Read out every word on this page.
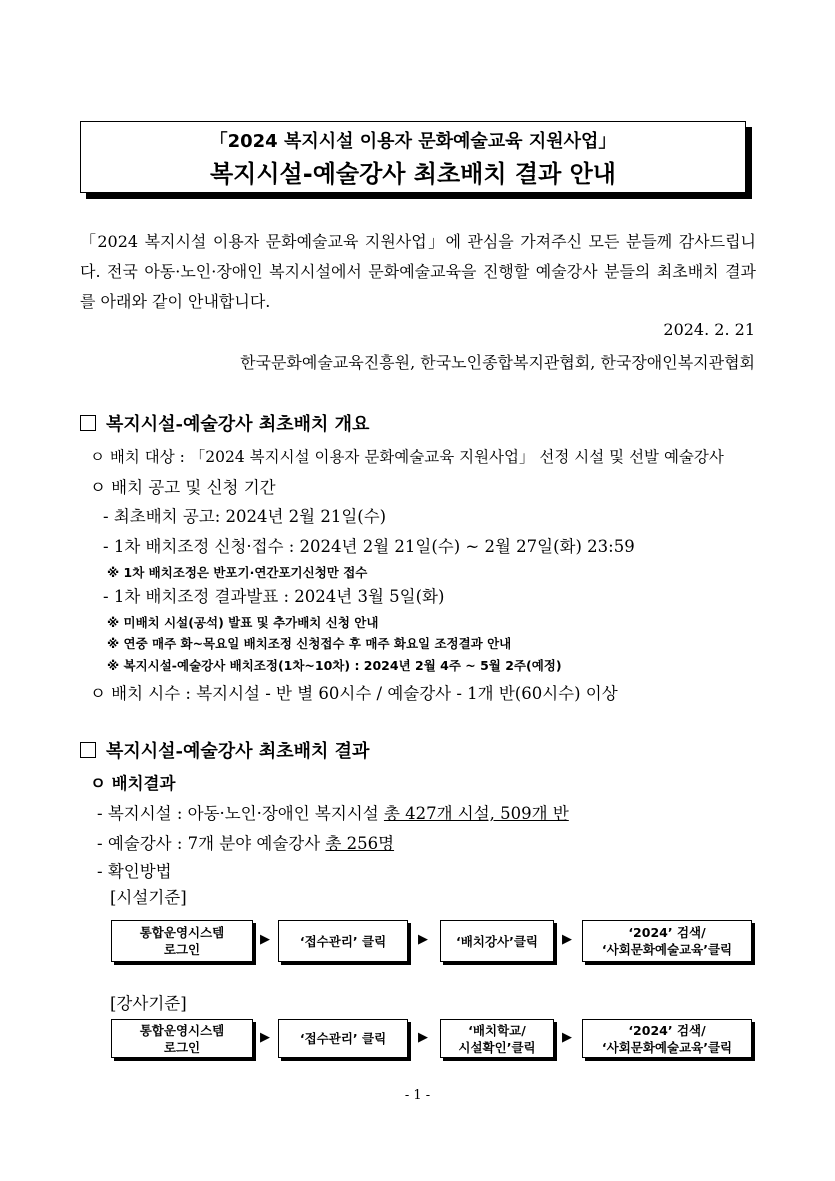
「2024 복지시설 이용자 문화예술교육 지원사업」
복지시설-예술강사 최초배치 결과 안내
「2024 복지시설 이용자 문화예술교육 지원사업」에 관심을 가져주신 모든 분들께 감사드립니다. 전국 아동·노인·장애인 복지시설에서 문화예술교육을 진행할 예술강사 분들의 최초배치 결과를 아래와 같이 안내합니다.
2024. 2. 21
한국문화예술교육진흥원, 한국노인종합복지관협회, 한국장애인복지관협회
복지시설-예술강사 최초배치 개요
ㅇ 배치 대상 : 「2024 복지시설 이용자 문화예술교육 지원사업」 선정 시설 및 선발 예술강사
ㅇ 배치 공고 및 신청 기간
- 최초배치 공고: 2024년 2월 21일(수)
- 1차 배치조정 신청·접수 : 2024년 2월 21일(수) ~ 2월 27일(화) 23:59
※ 1차 배치조정은 반포기·연간포기신청만 접수
- 1차 배치조정 결과발표 : 2024년 3월 5일(화)
※ 미배치 시설(공석) 발표 및 추가배치 신청 안내
※ 연중 매주 화~목요일 배치조정 신청접수 후 매주 화요일 조정결과 안내
※ 복지시설-예술강사 배치조정(1차~10차) : 2024년 2월 4주 ~ 5월 2주(예정)
ㅇ 배치 시수 : 복지시설 - 반 별 60시수 / 예술강사 - 1개 반(60시수) 이상
복지시설-예술강사 최초배치 결과
ㅇ 배치결과
- 복지시설 : 아동·노인·장애인 복지시설 총 427개 시설, 509개 반
- 예술강사 : 7개 분야 예술강사 총 256명
- 확인방법
[시설기준]
통합운영시스템
로그인
▶	‘접수관리’ 클릭	▶	‘배치강사’클릭	▶	‘2024’ 검색/
‘사회문화예술교육’클릭
[강사기준]
통합운영시스템
로그인
▶	‘접수관리’ 클릭	▶	‘배치학교/
시설확인’클릭
▶	‘2024’ 검색/
‘사회문화예술교육’클릭
- 1 -
